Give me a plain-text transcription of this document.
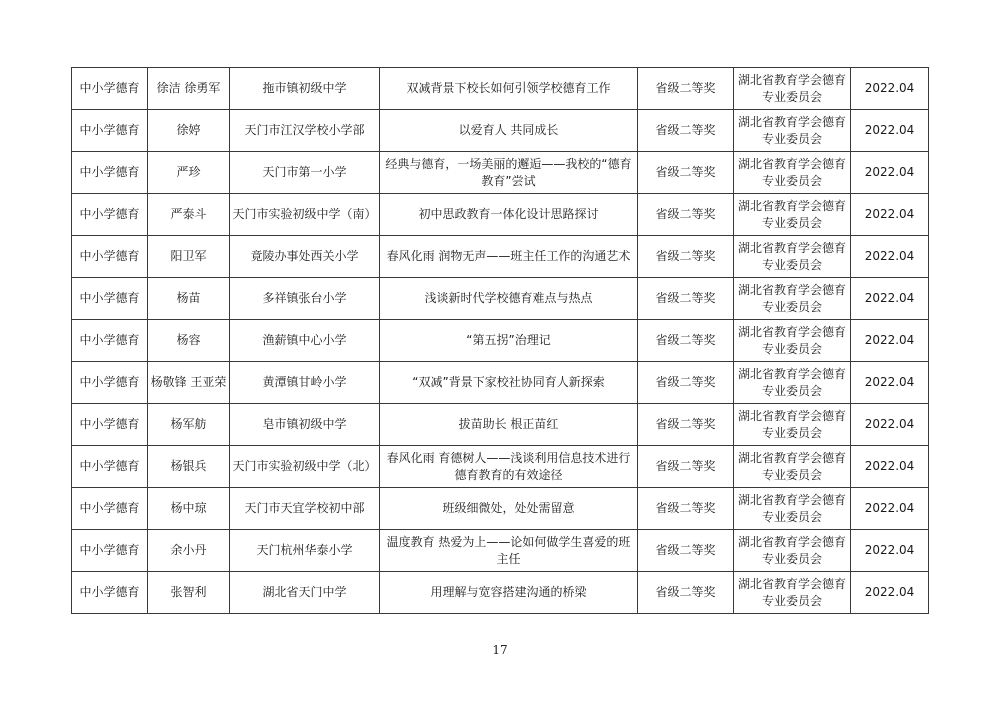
中小学德育	徐洁 徐勇军	拖市镇初级中学	双减背景下校长如何引领学校德育工作	省级二等奖	湖北省教育学会德育专业委员会	2022.04
中小学德育	徐婷	天门市江汉学校小学部	以爱育人 共同成长	省级二等奖	湖北省教育学会德育专业委员会	2022.04
中小学德育	严珍	天门市第一小学	经典与德育，一场美丽的邂逅——我校的“德育教育”尝试	省级二等奖	湖北省教育学会德育专业委员会	2022.04
中小学德育	严泰斗	天门市实验初级中学（南）	初中思政教育一体化设计思路探讨	省级二等奖	湖北省教育学会德育专业委员会	2022.04
中小学德育	阳卫军	竟陵办事处西关小学	春风化雨 润物无声——班主任工作的沟通艺术	省级二等奖	湖北省教育学会德育专业委员会	2022.04
中小学德育	杨苗	多祥镇张台小学	浅谈新时代学校德育难点与热点	省级二等奖	湖北省教育学会德育专业委员会	2022.04
中小学德育	杨容	渔薪镇中心小学	“第五拐”治理记	省级二等奖	湖北省教育学会德育专业委员会	2022.04
中小学德育	杨敬锋 王亚荣	黄潭镇甘岭小学	“双减”背景下家校社协同育人新探索	省级二等奖	湖北省教育学会德育专业委员会	2022.04
中小学德育	杨军舫	皂市镇初级中学	拔苗助长 根正苗红	省级二等奖	湖北省教育学会德育专业委员会	2022.04
中小学德育	杨银兵	天门市实验初级中学（北）	春风化雨 育德树人——浅谈利用信息技术进行德育教育的有效途径	省级二等奖	湖北省教育学会德育专业委员会	2022.04
中小学德育	杨中琼	天门市天宜学校初中部	班级细微处，处处需留意	省级二等奖	湖北省教育学会德育专业委员会	2022.04
中小学德育	余小丹	天门杭州华泰小学	温度教育 热爱为上——论如何做学生喜爱的班主任	省级二等奖	湖北省教育学会德育专业委员会	2022.04
中小学德育	张智利	湖北省天门中学	用理解与宽容搭建沟通的桥梁	省级二等奖	湖北省教育学会德育专业委员会	2022.04
17
